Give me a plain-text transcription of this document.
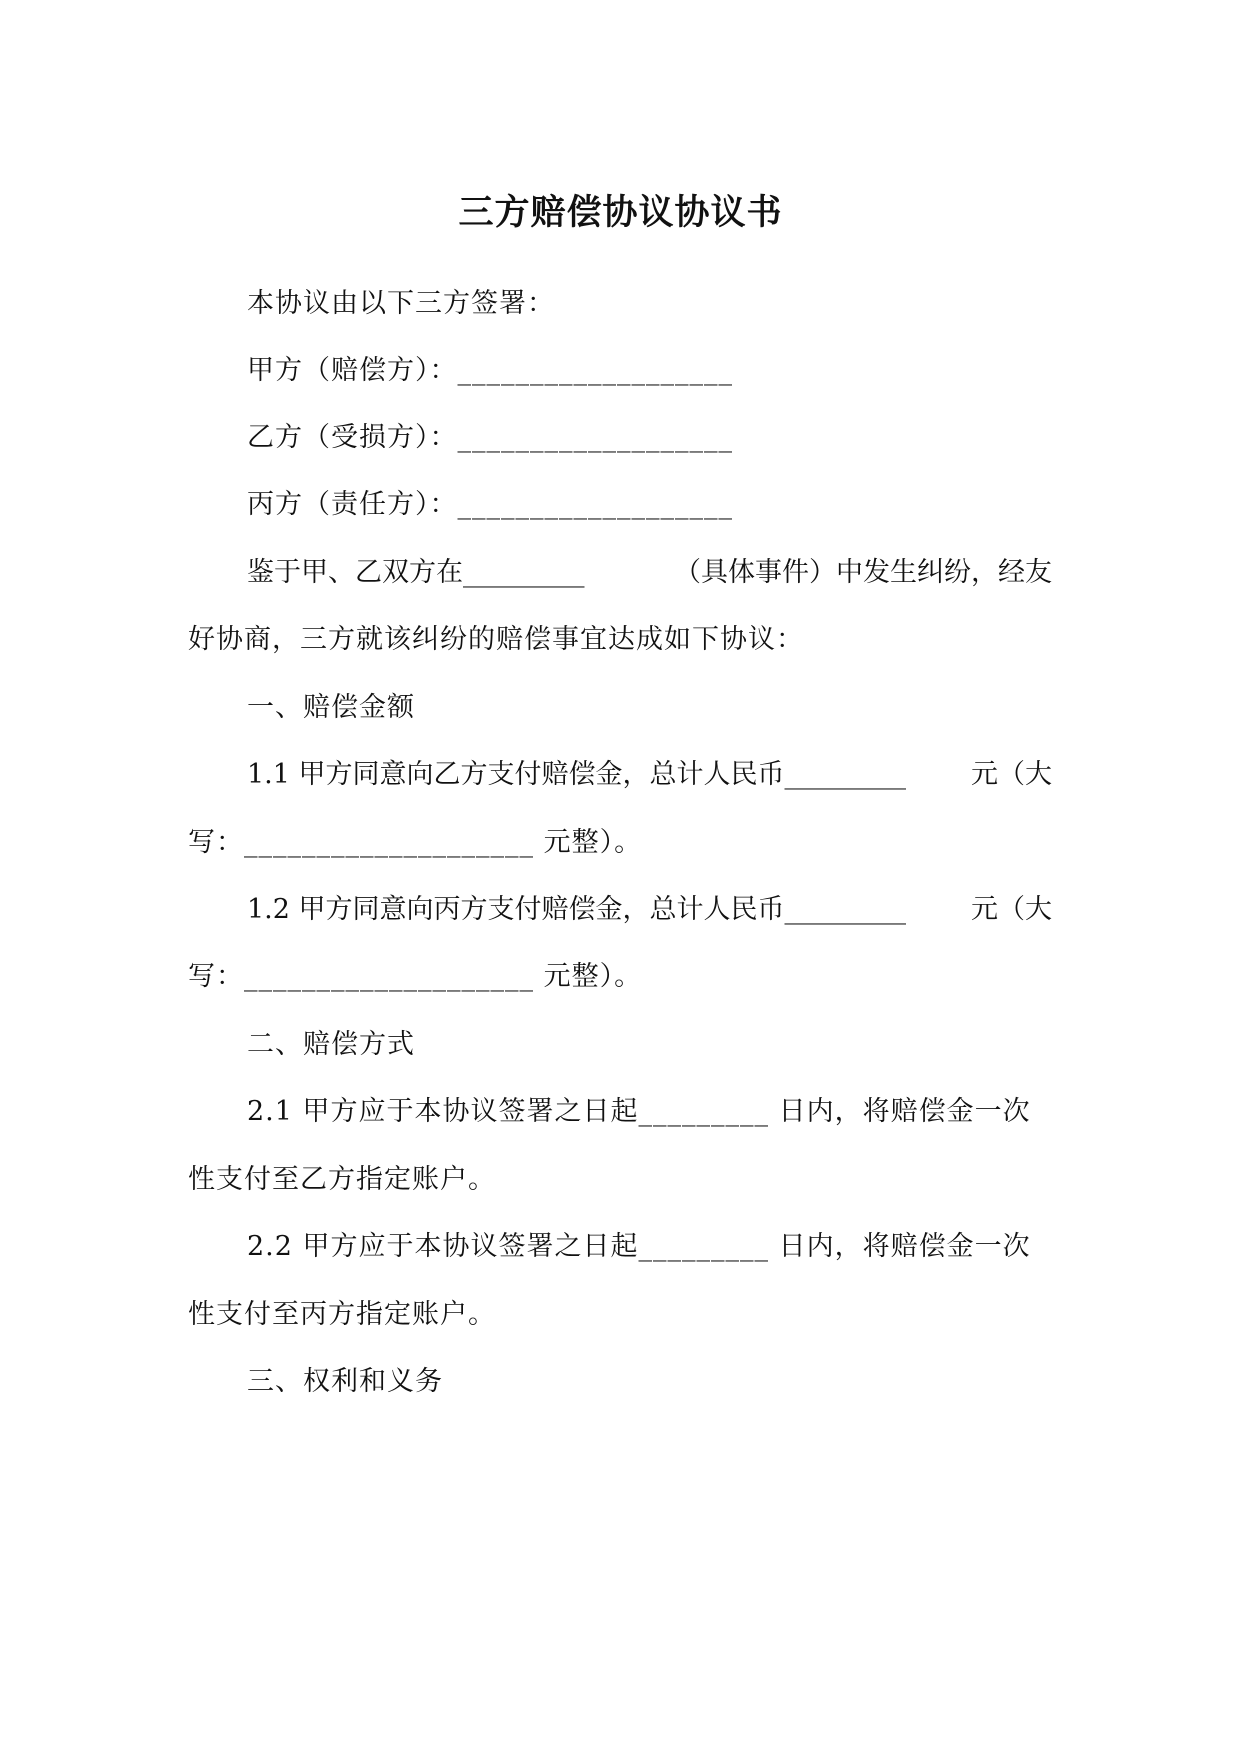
三方赔偿协议协议书
本协议由以下三方签署：
甲方（赔偿方）：___________________
乙方（受损方）：___________________
丙方（责任方）：___________________
鉴于甲、乙双方在_________	（具体事件）中发生纠纷，经友
好协商，三方就该纠纷的赔偿事宜达成如下协议：
一、赔偿金额
1.1 甲方同意向乙方支付赔偿金，总计人民币_________ 元（大
写：____________________ 元整）。
1.2 甲方同意向丙方支付赔偿金，总计人民币_________ 元（大
写：____________________ 元整）。
二、赔偿方式
2.1 甲方应于本协议签署之日起_________ 日内，将赔偿金一次
性支付至乙方指定账户。
2.2 甲方应于本协议签署之日起_________ 日内，将赔偿金一次
性支付至丙方指定账户。
三、权利和义务
